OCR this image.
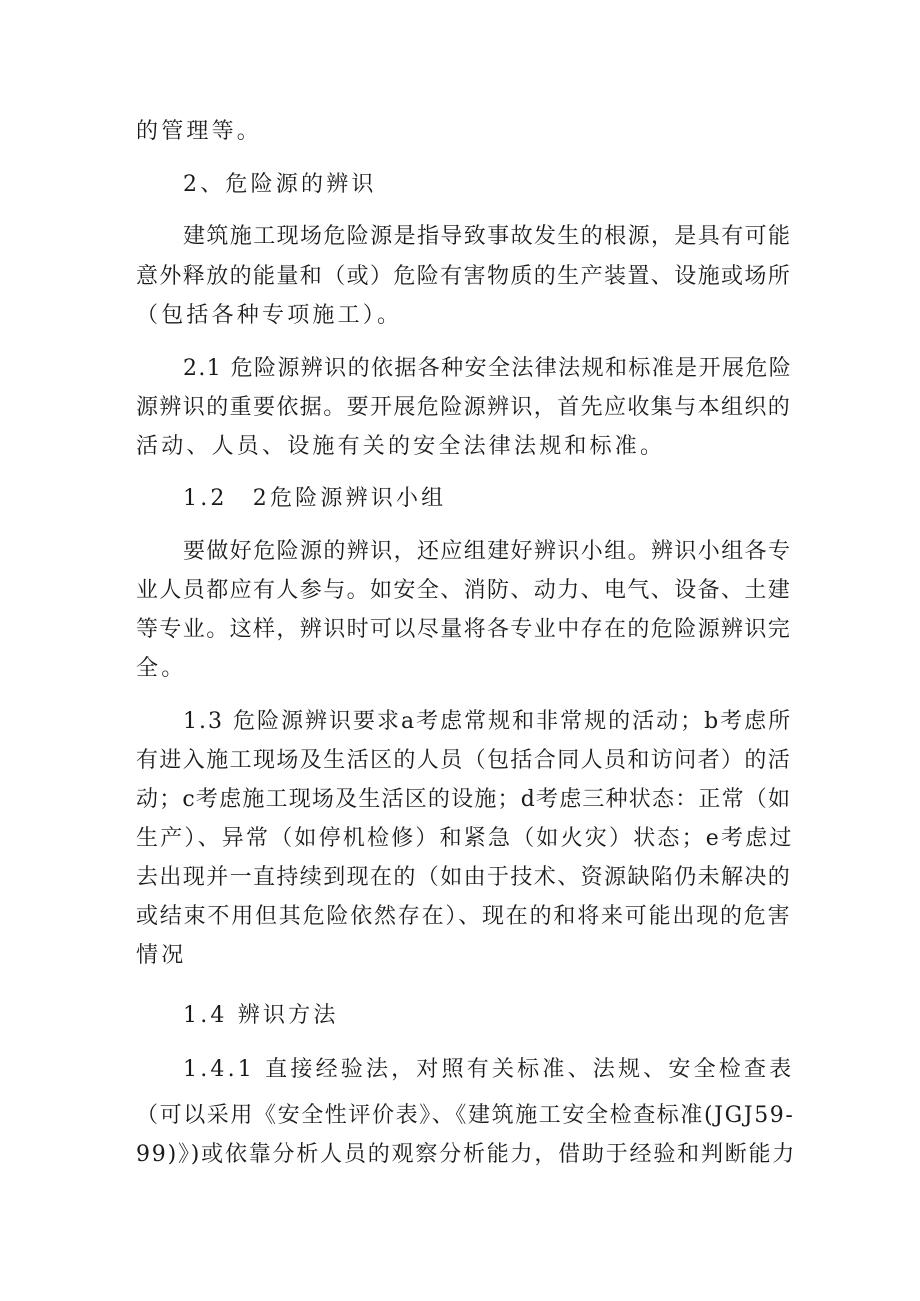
的管理等。
2、危险源的辨识
建筑施工现场危险源是指导致事故发生的根源，是具有可能
意外释放的能量和（或）危险有害物质的生产装置、设施或场所
（包括各种专项施工）。
2.1 危险源辨识的依据各种安全法律法规和标准是开展危险
源辨识的重要依据。要开展危险源辨识，首先应收集与本组织的
活动、人员、设施有关的安全法律法规和标准。
1.2　2危险源辨识小组
要做好危险源的辨识，还应组建好辨识小组。辨识小组各专
业人员都应有人参与。如安全、消防、动力、电气、设备、土建
等专业。这样，辨识时可以尽量将各专业中存在的危险源辨识完
全。
1.3 危险源辨识要求a考虑常规和非常规的活动；b考虑所
有进入施工现场及生活区的人员（包括合同人员和访问者）的活
动；c考虑施工现场及生活区的设施；d考虑三种状态：正常（如
生产）、异常（如停机检修）和紧急（如火灾）状态；e考虑过
去出现并一直持续到现在的（如由于技术、资源缺陷仍未解决的
或结束不用但其危险依然存在）、现在的和将来可能出现的危害
情况
1.4 辨识方法
1.4.1 直接经验法，对照有关标准、法规、安全检查表
（可以采用《安全性评价表》、《建筑施工安全检查标准(JGJ59-
99)》)或依靠分析人员的观察分析能力，借助于经验和判断能力
